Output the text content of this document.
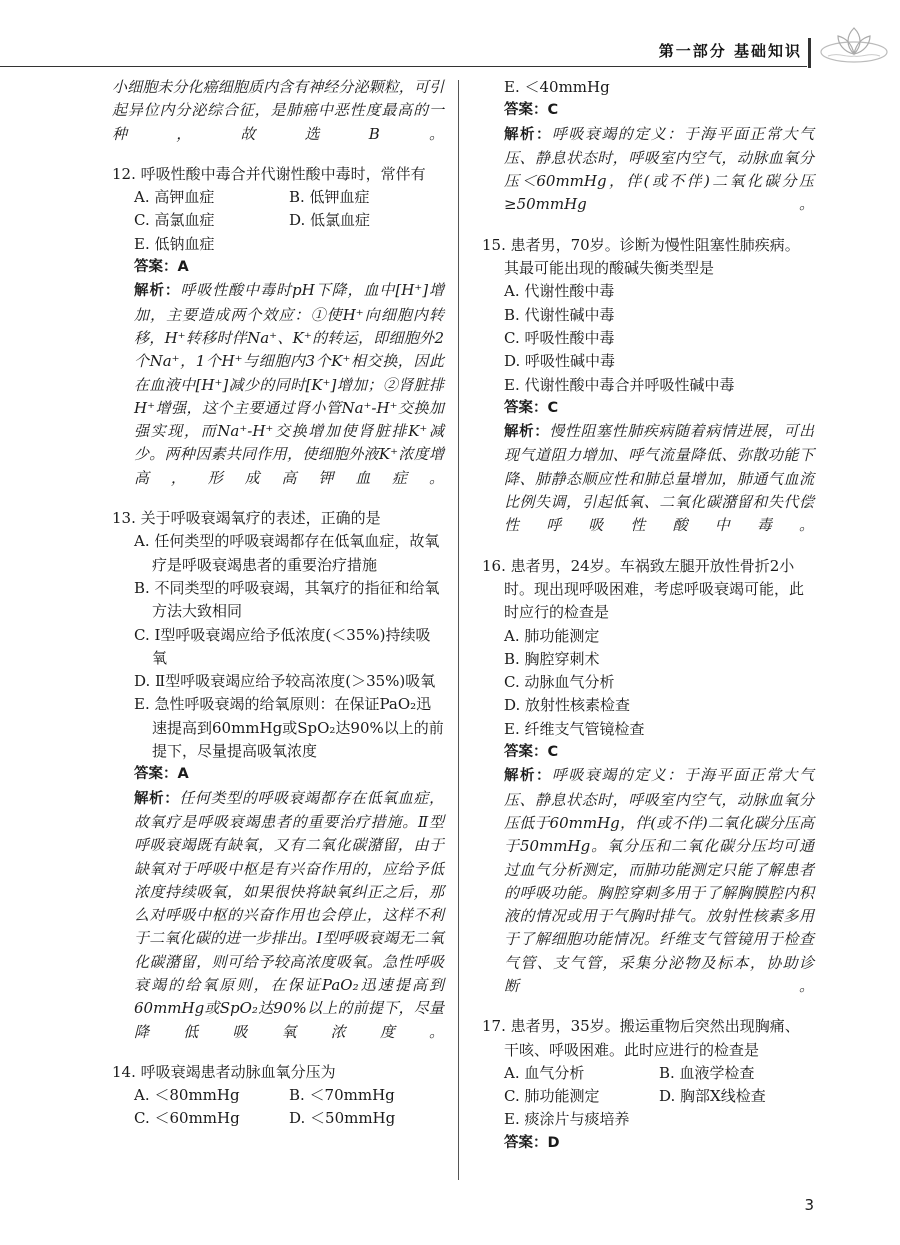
第一部分 基础知识

小细胞未分化癌细胞质内含有神经分泌颗粒，可引起异位内分泌综合征，是肺癌中恶性度最高的一种，故选B。

12. 呼吸性酸中毒合并代谢性酸中毒时，常伴有

A. 高钾血症	B. 低钾血症
C. 高氯血症	D. 低氯血症

E. 低钠血症

答案：A

解析：呼吸性酸中毒时pH下降，血中[H⁺]增加，主要造成两个效应：①使H⁺向细胞内转移，H⁺转移时伴Na⁺、K⁺的转运，即细胞外2个Na⁺，1个H⁺与细胞内3个K⁺相交换，因此在血液中[H⁺]减少的同时[K⁺]增加；②肾脏排H⁺增强，这个主要通过肾小管Na⁺-H⁺交换加强实现，而Na⁺-H⁺交换增加使肾脏排K⁺减少。两种因素共同作用，使细胞外液K⁺浓度增高，形成高钾血症。

13. 关于呼吸衰竭氧疗的表述，正确的是

A. 任何类型的呼吸衰竭都存在低氧血症，故氧疗是呼吸衰竭患者的重要治疗措施

B. 不同类型的呼吸衰竭，其氧疗的指征和给氧方法大致相同

C. Ⅰ型呼吸衰竭应给予低浓度(＜35%)持续吸氧

D. Ⅱ型呼吸衰竭应给予较高浓度(＞35%)吸氧

E. 急性呼吸衰竭的给氧原则：在保证PaO₂迅速提高到60mmHg或SpO₂达90%以上的前提下，尽量提高吸氧浓度

答案：A

解析：任何类型的呼吸衰竭都存在低氧血症，故氧疗是呼吸衰竭患者的重要治疗措施。Ⅱ型呼吸衰竭既有缺氧，又有二氧化碳潴留，由于缺氧对于呼吸中枢是有兴奋作用的，应给予低浓度持续吸氧，如果很快将缺氧纠正之后，那么对呼吸中枢的兴奋作用也会停止，这样不利于二氧化碳的进一步排出。Ⅰ型呼吸衰竭无二氧化碳潴留，则可给予较高浓度吸氧。急性呼吸衰竭的给氧原则，在保证PaO₂迅速提高到60mmHg或SpO₂达90%以上的前提下，尽量降低吸氧浓度。

14. 呼吸衰竭患者动脉血氧分压为

A. ＜80mmHg	B. ＜70mmHg
C. ＜60mmHg	D. ＜50mmHg

E. ＜40mmHg

答案：C

解析：呼吸衰竭的定义：于海平面正常大气压、静息状态时，呼吸室内空气，动脉血氧分压＜60mmHg，伴(或不伴)二氧化碳分压≥50mmHg。

15. 患者男，70岁。诊断为慢性阻塞性肺疾病。其最可能出现的酸碱失衡类型是

A. 代谢性酸中毒

B. 代谢性碱中毒

C. 呼吸性酸中毒

D. 呼吸性碱中毒

E. 代谢性酸中毒合并呼吸性碱中毒

答案：C

解析：慢性阻塞性肺疾病随着病情进展，可出现气道阻力增加、呼气流量降低、弥散功能下降、肺静态顺应性和肺总量增加，肺通气血流比例失调，引起低氧、二氧化碳潴留和失代偿性呼吸性酸中毒。

16. 患者男，24岁。车祸致左腿开放性骨折2小时。现出现呼吸困难，考虑呼吸衰竭可能，此时应行的检查是

A. 肺功能测定

B. 胸腔穿刺术

C. 动脉血气分析

D. 放射性核素检查

E. 纤维支气管镜检查

答案：C

解析：呼吸衰竭的定义：于海平面正常大气压、静息状态时，呼吸室内空气，动脉血氧分压低于60mmHg，伴(或不伴)二氧化碳分压高于50mmHg。氧分压和二氧化碳分压均可通过血气分析测定，而肺功能测定只能了解患者的呼吸功能。胸腔穿刺多用于了解胸膜腔内积液的情况或用于气胸时排气。放射性核素多用于了解细胞功能情况。纤维支气管镜用于检查气管、支气管，采集分泌物及标本，协助诊断。

17. 患者男，35岁。搬运重物后突然出现胸痛、干咳、呼吸困难。此时应进行的检查是

A. 血气分析	B. 血液学检查
C. 肺功能测定	D. 胸部X线检查

E. 痰涂片与痰培养

答案：D

3
